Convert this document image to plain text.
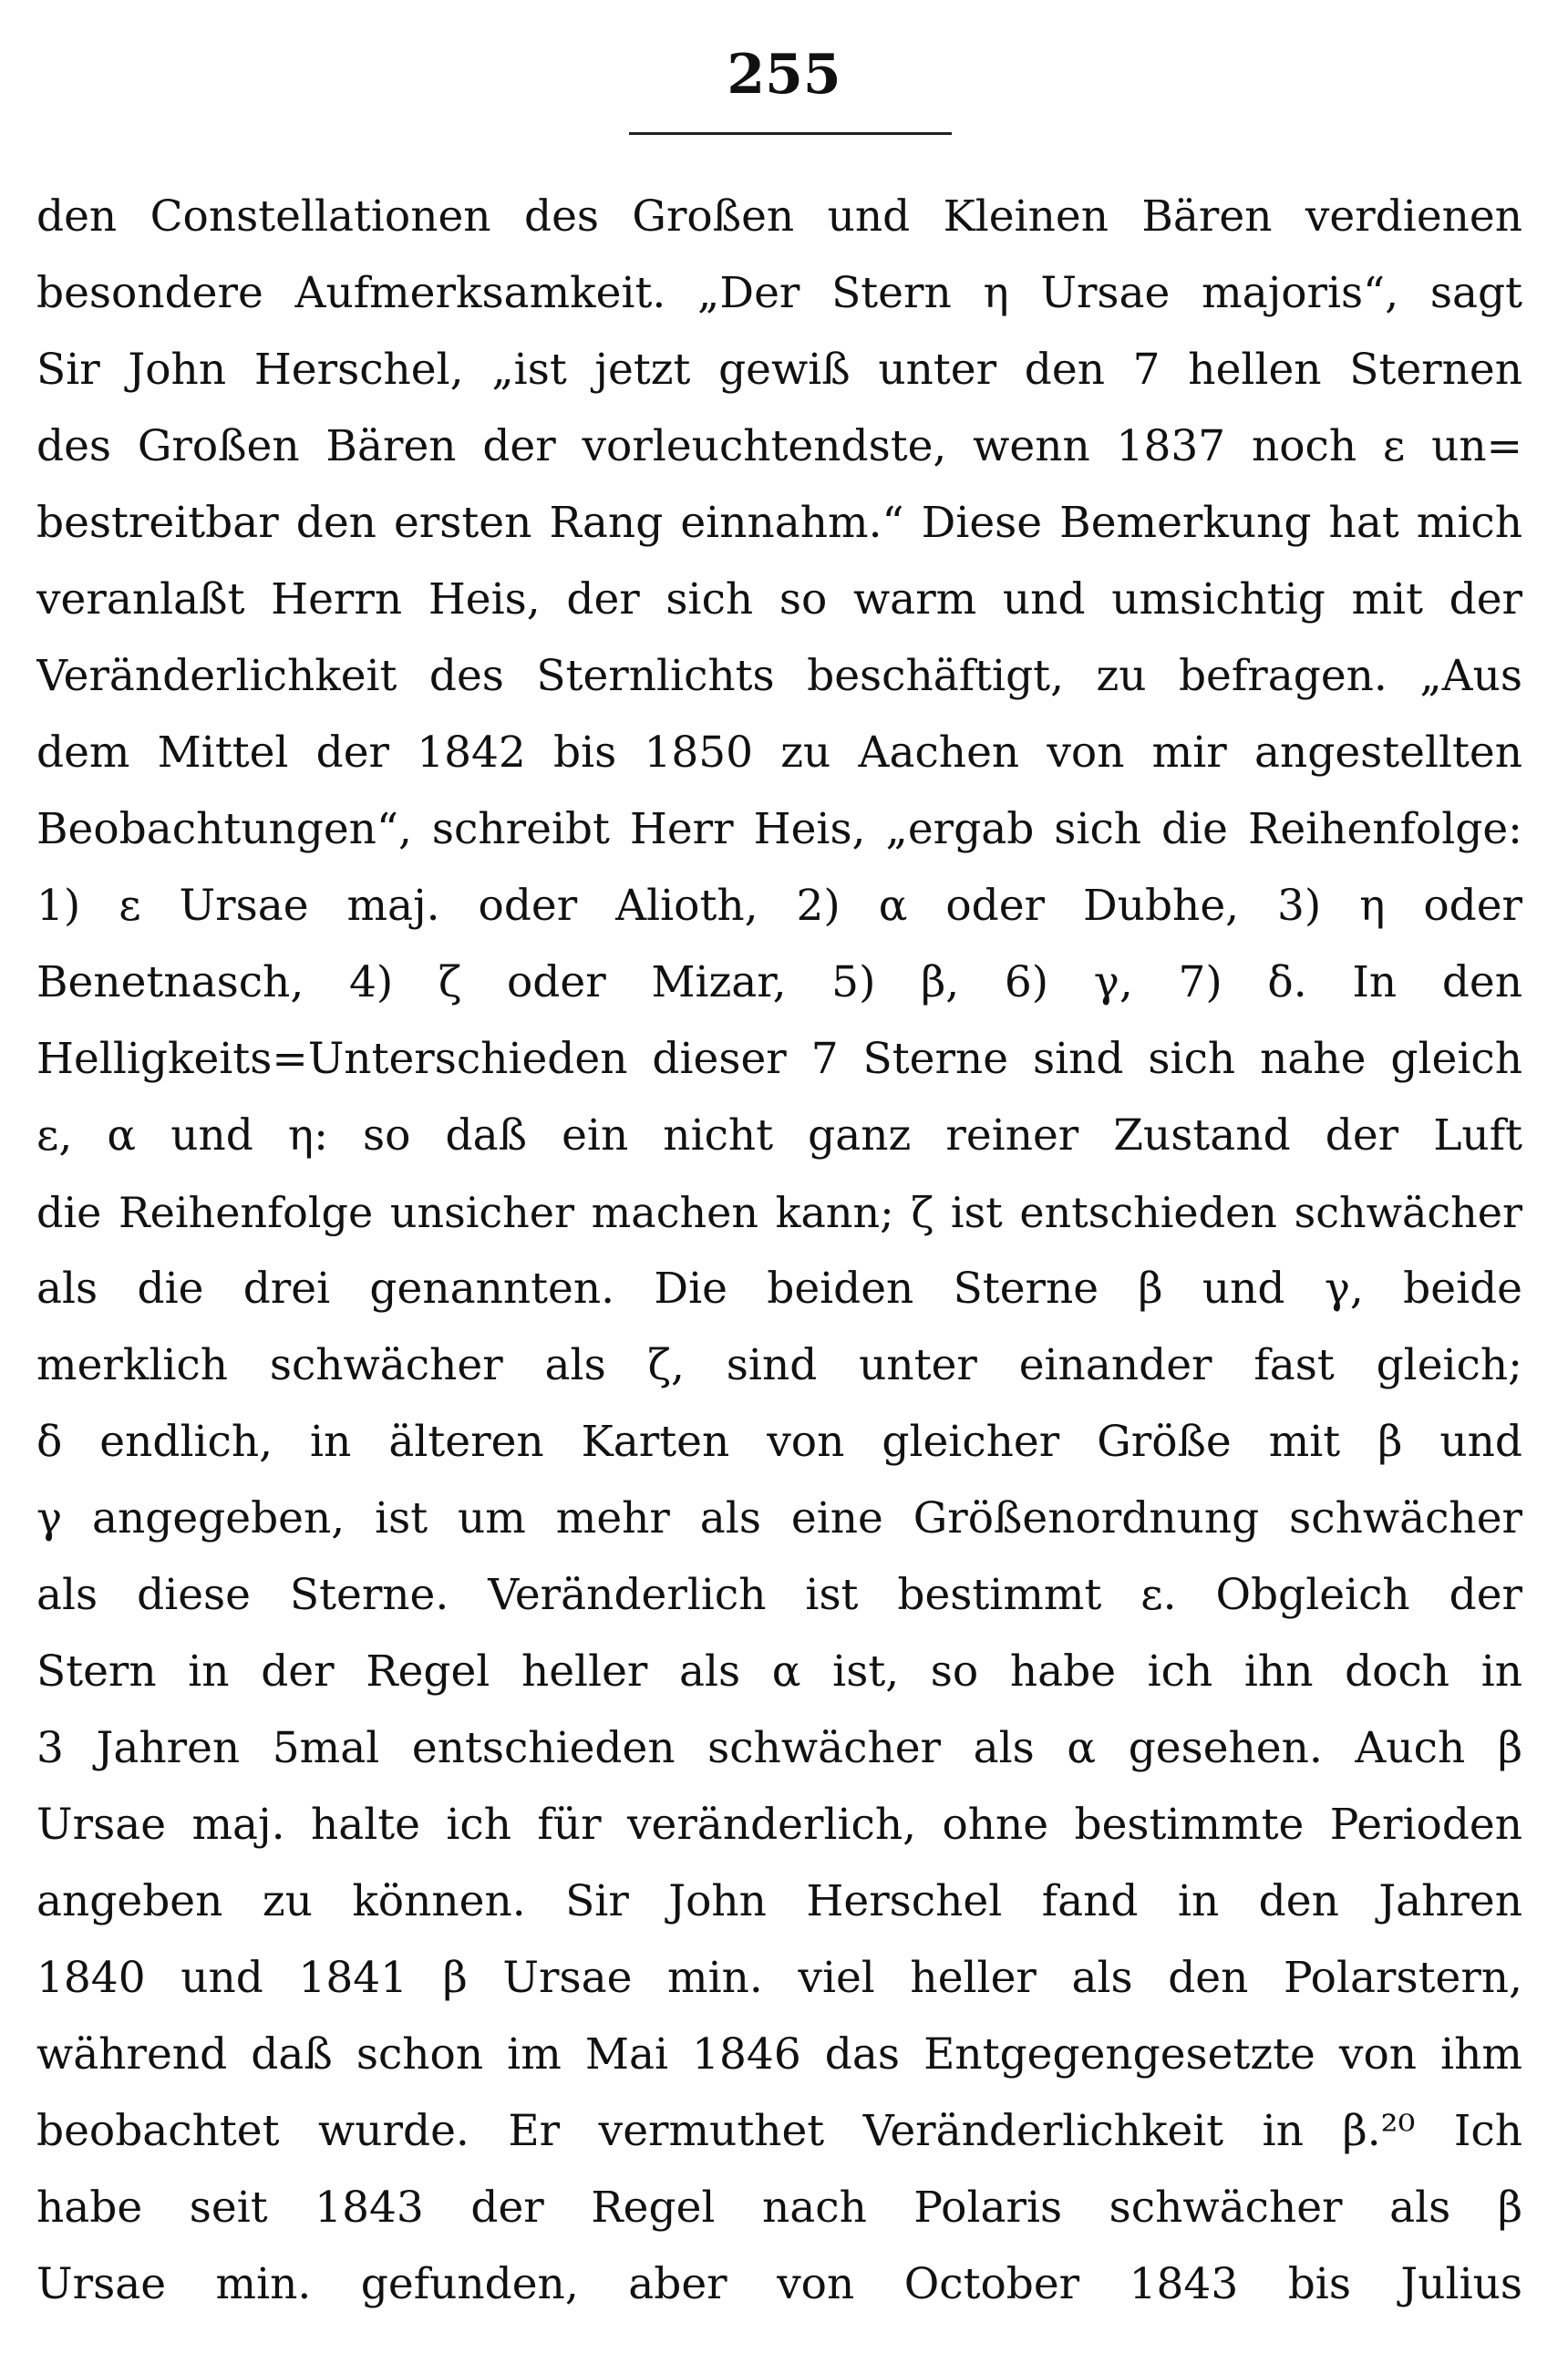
255
den Constellationen des Großen und Kleinen Bären verdienen
besondere Aufmerksamkeit. „Der Stern η Ursae majoris“, sagt
Sir John Herschel, „ist jetzt gewiß unter den 7 hellen Sternen
des Großen Bären der vorleuchtendste, wenn 1837 noch ε un=
bestreitbar den ersten Rang einnahm.“ Diese Bemerkung hat mich
veranlaßt Herrn Heis, der sich so warm und umsichtig mit der
Veränderlichkeit des Sternlichts beschäftigt, zu befragen. „Aus
dem Mittel der 1842 bis 1850 zu Aachen von mir angestellten
Beobachtungen“, schreibt Herr Heis, „ergab sich die Reihenfolge:
1) ε Ursae maj. oder Alioth, 2) α oder Dubhe, 3) η oder
Benetnasch, 4) ζ oder Mizar, 5) β, 6) γ, 7) δ. In den
Helligkeits=Unterschieden dieser 7 Sterne sind sich nahe gleich
ε, α und η: so daß ein nicht ganz reiner Zustand der Luft
die Reihenfolge unsicher machen kann; ζ ist entschieden schwächer
als die drei genannten. Die beiden Sterne β und γ, beide
merklich schwächer als ζ, sind unter einander fast gleich;
δ endlich, in älteren Karten von gleicher Größe mit β und
γ angegeben, ist um mehr als eine Größenordnung schwächer
als diese Sterne. Veränderlich ist bestimmt ε. Obgleich der
Stern in der Regel heller als α ist, so habe ich ihn doch in
3 Jahren 5mal entschieden schwächer als α gesehen. Auch β
Ursae maj. halte ich für veränderlich, ohne bestimmte Perioden
angeben zu können. Sir John Herschel fand in den Jahren
1840 und 1841 β Ursae min. viel heller als den Polarstern,
während daß schon im Mai 1846 das Entgegengesetzte von ihm
beobachtet wurde. Er vermuthet Veränderlichkeit in β.²⁰ Ich
habe seit 1843 der Regel nach Polaris schwächer als β
Ursae min. gefunden, aber von October 1843 bis Julius
